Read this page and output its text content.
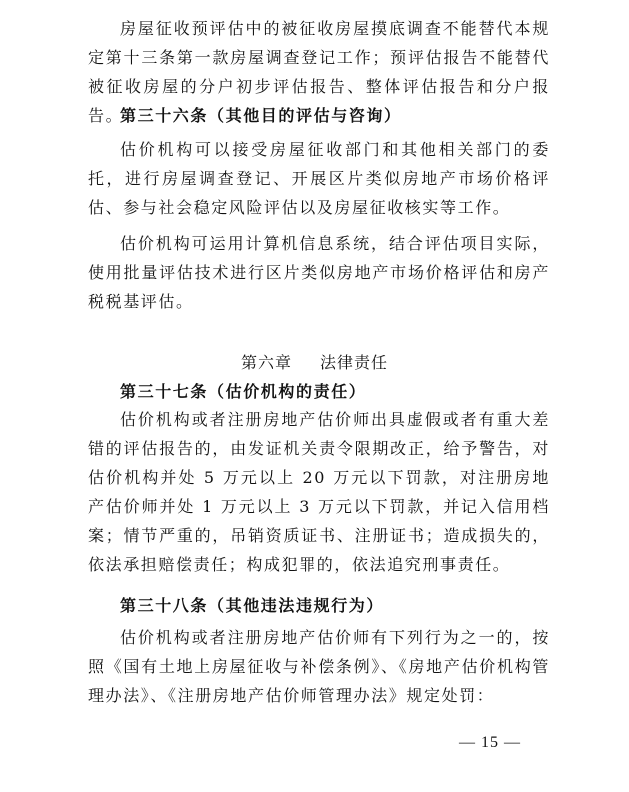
房屋征收预评估中的被征收房屋摸底调查不能替代本规定第十三条第一款房屋调查登记工作；预评估报告不能替代被征收房屋的分户初步评估报告、整体评估报告和分户报告。

第三十六条（其他目的评估与咨询）

估价机构可以接受房屋征收部门和其他相关部门的委托，进行房屋调查登记、开展区片类似房地产市场价格评估、参与社会稳定风险评估以及房屋征收核实等工作。

估价机构可运用计算机信息系统，结合评估项目实际，使用批量评估技术进行区片类似房地产市场价格评估和房产税税基评估。

第六章 法律责任

第三十七条（估价机构的责任）

估价机构或者注册房地产估价师出具虚假或者有重大差错的评估报告的，由发证机关责令限期改正，给予警告，对估价机构并处 5 万元以上 20 万元以下罚款，对注册房地产估价师并处 1 万元以上 3 万元以下罚款，并记入信用档案；情节严重的，吊销资质证书、注册证书；造成损失的，依法承担赔偿责任；构成犯罪的，依法追究刑事责任。

第三十八条（其他违法违规行为）

估价机构或者注册房地产估价师有下列行为之一的，按照《国有土地上房屋征收与补偿条例》、《房地产估价机构管理办法》、《注册房地产估价师管理办法》规定处罚：

— 15 —
